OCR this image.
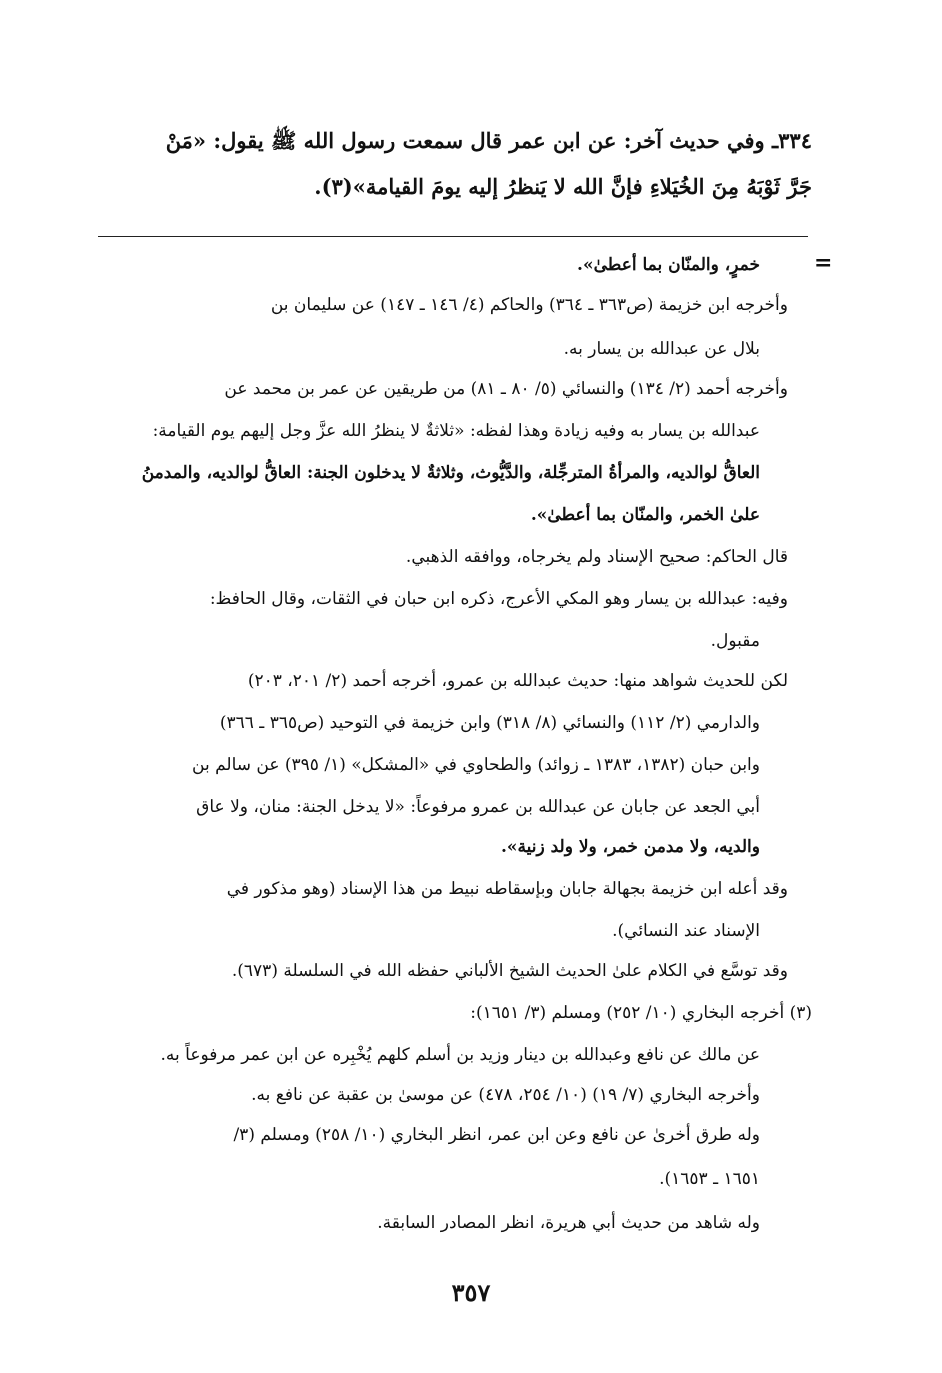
٣٣٤ـ وفي حديث آخر: عن ابن عمر قال سمعت رسول الله ﷺ يقول: «مَنْ
جَرَّ ثَوْبَهُ مِنَ الخُيَلاءِ فإنَّ الله لا يَنظرُ إليه يومَ القيامة»(٣).
=
خمرٍ، والمنّان بما أعطىٰ».
وأخرجه ابن خزيمة (ص٣٦٣ ـ ٣٦٤) والحاكم (٤/ ١٤٦ ـ ١٤٧) عن سليمان بن
بلال عن عبدالله بن يسار به.
وأخرجه أحمد (٢/ ١٣٤) والنسائي (٥/ ٨٠ ـ ٨١) من طريقين عن عمر بن محمد عن
عبدالله بن يسار به وفيه زيادة وهذا لفظه: «ثلاثةٌ لا ينظرُ الله عزَّ وجل إليهم يوم القيامة:
العاقُّ لوالديه، والمرأةُ المترجِّلة، والدَّيُّوث، وثلاثةٌ لا يدخلون الجنة: العاقُّ لوالديه، والمدمنُ
علىٰ الخمر، والمنّان بما أعطىٰ».
قال الحاكم: صحيح الإسناد ولم يخرجاه، ووافقه الذهبي.
وفيه: عبدالله بن يسار وهو المكي الأعرج، ذكره ابن حبان في الثقات، وقال الحافظ:
مقبول.
لكن للحديث شواهد منها: حديث عبدالله بن عمرو، أخرجه أحمد (٢/ ٢٠١، ٢٠٣)
والدارمي (٢/ ١١٢) والنسائي (٨/ ٣١٨) وابن خزيمة في التوحيد (ص٣٦٥ ـ ٣٦٦)
وابن حبان (١٣٨٢، ١٣٨٣ ـ زوائد) والطحاوي في «المشكل» (١/ ٣٩٥) عن سالم بن
أبي الجعد عن جابان عن عبدالله بن عمرو مرفوعاً: «لا يدخل الجنة: منان، ولا عاق
والديه، ولا مدمن خمر، ولا ولد زنية».
وقد أعله ابن خزيمة بجهالة جابان وبإسقاطه نبيط من هذا الإسناد (وهو مذكور في
الإسناد عند النسائي).
وقد توسَّع في الكلام علىٰ الحديث الشيخ الألباني حفظه الله في السلسلة (٦٧٣).
(٣) أخرجه البخاري (١٠/ ٢٥٢) ومسلم (٣/ ١٦٥١):
عن مالك عن نافع وعبدالله بن دينار وزيد بن أسلم كلهم يُخْبِره عن ابن عمر مرفوعاً به.
وأخرجه البخاري (٧/ ١٩) (١٠/ ٢٥٤، ٤٧٨) عن موسىٰ بن عقبة عن نافع به.
وله طرق أخرىٰ عن نافع وعن ابن عمر، انظر البخاري (١٠/ ٢٥٨) ومسلم (٣/
١٦٥١ ـ ١٦٥٣).
وله شاهد من حديث أبي هريرة، انظر المصادر السابقة.
٣٥٧
